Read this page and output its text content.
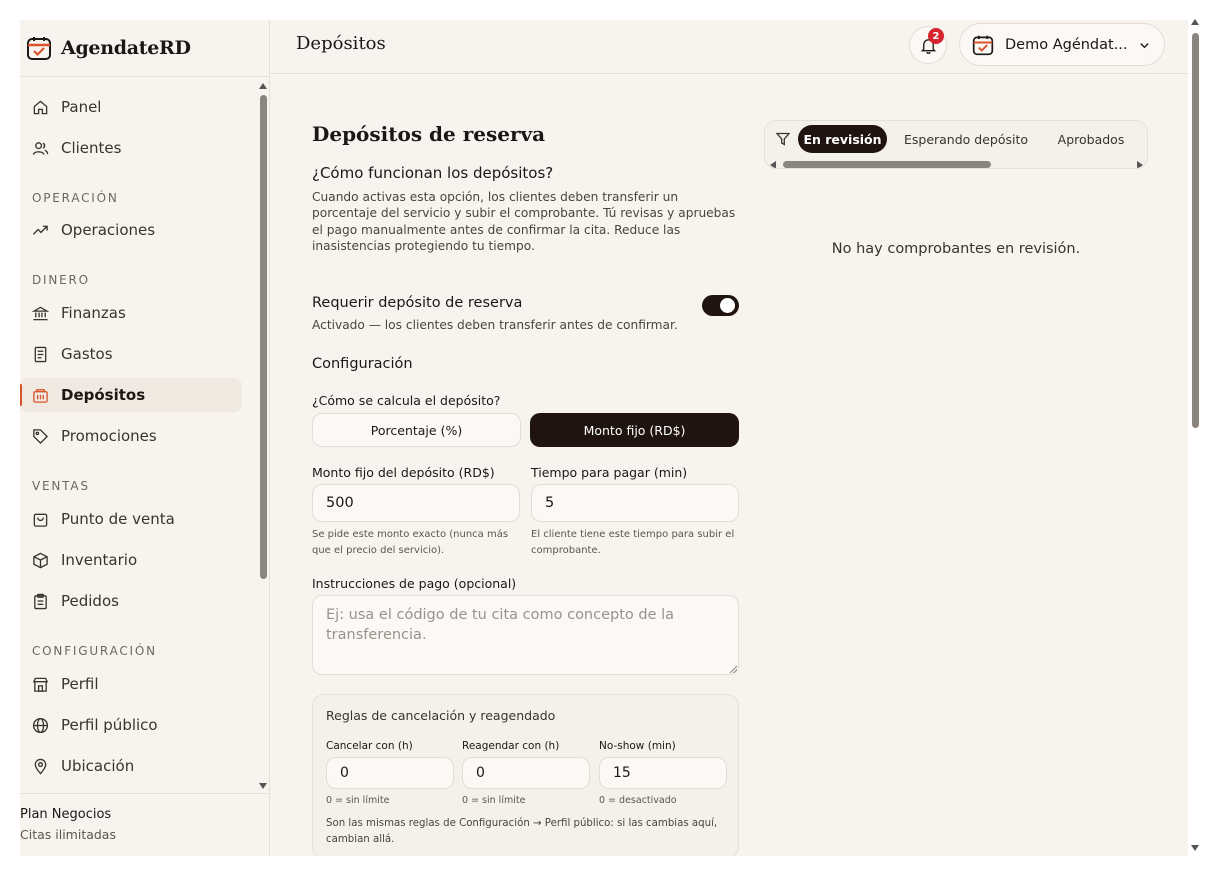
AgendateRD
Panel
Clientes
OPERACIÓN
Operaciones
DINERO
Finanzas
Gastos
Depósitos
Promociones
VENTAS
Punto de venta
Inventario
Pedidos
CONFIGURACIÓN
Perfil
Perfil público
Ubicación
Plan Negocios
Citas ilimitadas
Depósitos	2
Demo Agéndat...
Depósitos de reserva
¿Cómo funcionan los depósitos?

Cuando activas esta opción, los clientes deben transferir un porcentaje del servicio y subir el comprobante. Tú revisas y apruebas el pago manualmente antes de confirmar la cita. Reduce las inasistencias protegiendo tu tiempo.

Requerir depósito de reserva
Activado — los clientes deben transferir antes de confirmar.
Configuración
¿Cómo se calcula el depósito?
Porcentaje (%)	Monto fijo (RD$)
Monto fijo del depósito (RD$)	Tiempo para pagar (min)
500	5
Se pide este monto exacto (nunca más que el precio del servicio).
El cliente tiene este tiempo para subir el comprobante.
Instrucciones de pago (opcional)
Ej: usa el código de tu cita como concepto de la transferencia.
Reglas de cancelación y reagendado
Cancelar con (h)	Reagendar con (h)	No-show (min)
0	0	15
0 = sin límite	0 = sin límite	0 = desactivado
Son las mismas reglas de Configuración → Perfil público: si las cambias aquí, cambian allá.
En revisión	Esperando depósito	Aprobados
No hay comprobantes en revisión.
